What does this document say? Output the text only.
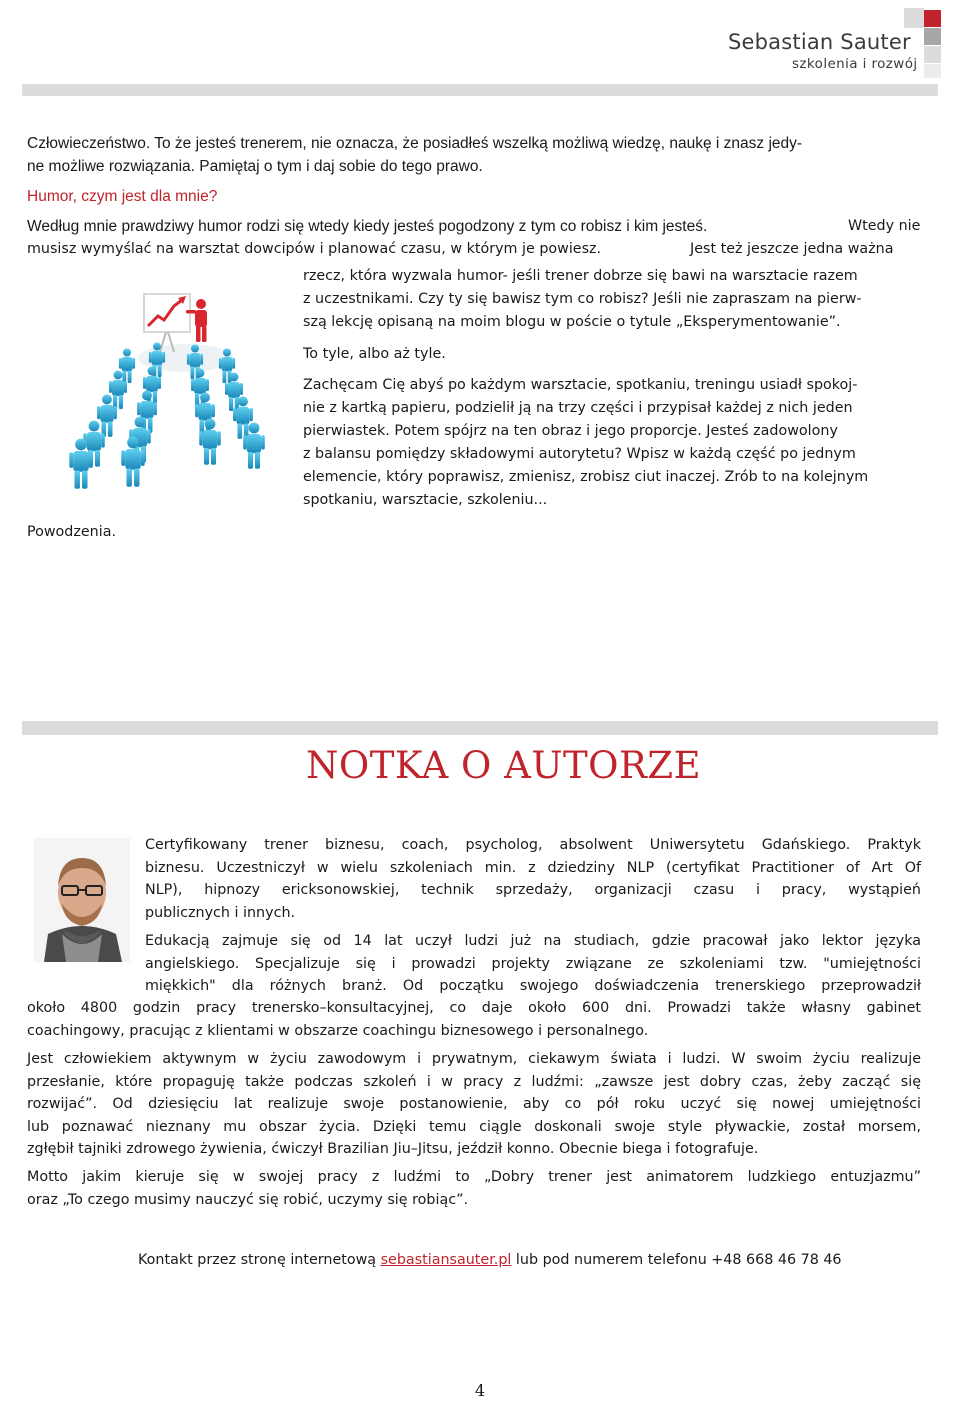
Sebastian Sauter
szkolenia i rozwój
Człowieczeństwo. To że jesteś trenerem, nie oznacza, że posiadłeś wszelką możliwą wiedzę, naukę i znasz jedy-
ne możliwe rozwiązania. Pamiętaj o tym i daj sobie do tego prawo.
Humor, czym jest dla mnie?
Według mnie prawdziwy humor rodzi się wtedy kiedy jesteś pogodzony z tym co robisz i kim jesteś.	Wtedy nie
musisz wymyślać na warsztat dowcipów i planować czasu, w którym je powiesz.	Jest też jeszcze jedna ważna
rzecz, która wyzwala humor- jeśli trener dobrze się bawi na warsztacie razem
z uczestnikami. Czy ty się bawisz tym co robisz? Jeśli nie zapraszam na pierw-
szą lekcję opisaną na moim blogu w poście o tytule „Eksperymentowanie”.
To tyle, albo aż tyle.
Zachęcam Cię abyś po każdym warsztacie, spotkaniu, treningu usiadł spokoj-
nie z kartką papieru, podzielił ją na trzy części i przypisał każdej z nich jeden
pierwiastek. Potem spójrz na ten obraz i jego proporcje. Jesteś zadowolony
z balansu pomiędzy składowymi autorytetu? Wpisz w każdą część po jednym
elemencie, który poprawisz, zmienisz, zrobisz ciut inaczej. Zrób to na kolejnym
spotkaniu, warsztacie, szkoleniu...
Powodzenia.
NOTKA O AUTORZE
Certyfikowany trener biznesu, coach, psycholog, absolwent Uniwersytetu Gdańskiego. Praktyk
biznesu. Uczestniczył w wielu szkoleniach min. z dziedziny NLP (certyfikat Practitioner of Art Of
NLP), hipnozy ericksonowskiej, technik sprzedaży, organizacji czasu i pracy, wystąpień
publicznych i innych.
Edukacją zajmuje się od 14 lat uczył ludzi już na studiach, gdzie pracował jako lektor języka
angielskiego. Specjalizuje się i prowadzi projekty związane ze szkoleniami tzw. "umiejętności
miękkich" dla różnych branż. Od początku swojego doświadczenia trenerskiego przeprowadził
około 4800 godzin pracy trenersko–konsultacyjnej, co daje około 600 dni. Prowadzi także własny gabinet
coachingowy, pracując z klientami w obszarze coachingu biznesowego i personalnego.
Jest człowiekiem aktywnym w życiu zawodowym i prywatnym, ciekawym świata i ludzi. W swoim życiu realizuje
przesłanie, które propaguję także podczas szkoleń i w pracy z ludźmi: „zawsze jest dobry czas, żeby zacząć się
rozwijać”. Od dziesięciu lat realizuje swoje postanowienie, aby co pół roku uczyć się nowej umiejętności
lub poznawać nieznany mu obszar życia. Dzięki temu ciągle doskonali swoje style pływackie, został morsem,
zgłębił tajniki zdrowego żywienia, ćwiczył Brazilian Jiu–Jitsu, jeździł konno. Obecnie biega i fotografuje.
Motto jakim kieruje się w swojej pracy z ludźmi to „Dobry trener jest animatorem ludzkiego entuzjazmu”
oraz „To czego musimy nauczyć się robić, uczymy się robiąc”.
Kontakt przez stronę internetową sebastiansauter.pl lub pod numerem telefonu +48 668 46 78 46
4
